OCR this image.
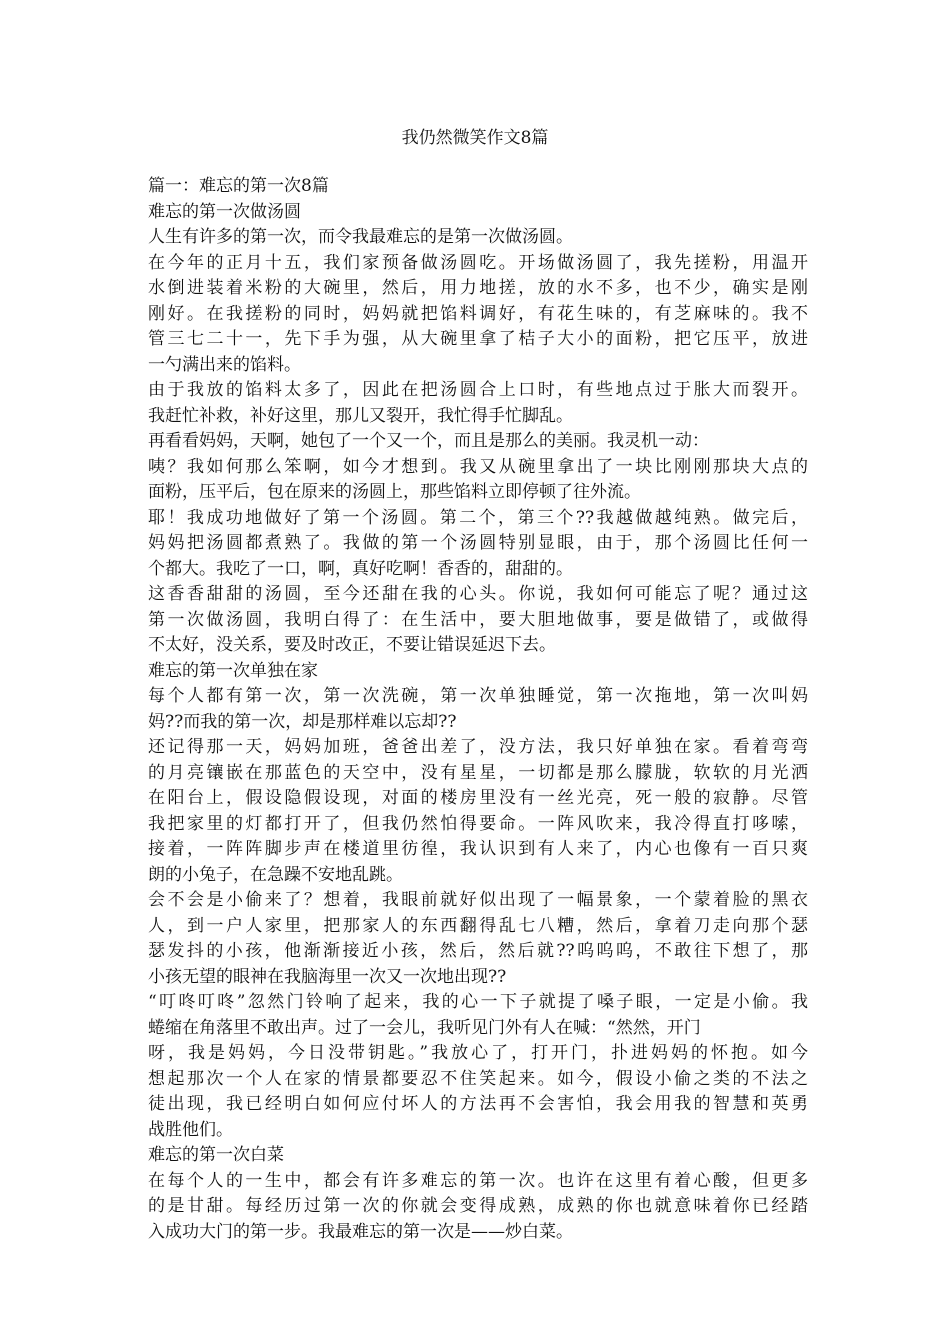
我仍然微笑作文8篇
篇一：难忘的第一次8篇
难忘的第一次做汤圆
人生有许多的第一次，而令我最难忘的是第一次做汤圆。
在今年的正月十五，我们家预备做汤圆吃。开场做汤圆了，我先搓粉，用温开
水倒进装着米粉的大碗里，然后，用力地搓，放的水不多，也不少，确实是刚
刚好。在我搓粉的同时，妈妈就把馅料调好，有花生味的，有芝麻味的。我不
管三七二十一，先下手为强，从大碗里拿了桔子大小的面粉，把它压平，放进
一勺满出来的馅料。
由于我放的馅料太多了，因此在把汤圆合上口时，有些地点过于胀大而裂开。
我赶忙补救，补好这里，那儿又裂开，我忙得手忙脚乱。
再看看妈妈，天啊，她包了一个又一个，而且是那么的美丽。我灵机一动：
咦？我如何那么笨啊，如今才想到。我又从碗里拿出了一块比刚刚那块大点的
面粉，压平后，包在原来的汤圆上，那些馅料立即停顿了往外流。
耶！我成功地做好了第一个汤圆。第二个，第三个??我越做越纯熟。做完后，
妈妈把汤圆都煮熟了。我做的第一个汤圆特别显眼，由于，那个汤圆比任何一
个都大。我吃了一口，啊，真好吃啊！香香的，甜甜的。
这香香甜甜的汤圆，至今还甜在我的心头。你说，我如何可能忘了呢？通过这
第一次做汤圆，我明白得了：在生活中，要大胆地做事，要是做错了，或做得
不太好，没关系，要及时改正，不要让错误延迟下去。
难忘的第一次单独在家
每个人都有第一次，第一次洗碗，第一次单独睡觉，第一次拖地，第一次叫妈
妈??而我的第一次，却是那样难以忘却??
还记得那一天，妈妈加班，爸爸出差了，没方法，我只好单独在家。看着弯弯
的月亮镶嵌在那蓝色的天空中，没有星星，一切都是那么朦胧，软软的月光洒
在阳台上，假设隐假设现，对面的楼房里没有一丝光亮，死一般的寂静。尽管
我把家里的灯都打开了，但我仍然怕得要命。一阵风吹来，我冷得直打哆嗦，
接着，一阵阵脚步声在楼道里彷徨，我认识到有人来了，内心也像有一百只爽
朗的小兔子，在急躁不安地乱跳。
会不会是小偷来了？想着，我眼前就好似出现了一幅景象，一个蒙着脸的黑衣
人，到一户人家里，把那家人的东西翻得乱七八糟，然后，拿着刀走向那个瑟
瑟发抖的小孩，他渐渐接近小孩，然后，然后就??呜呜呜，不敢往下想了，那
小孩无望的眼神在我脑海里一次又一次地出现??
“叮咚叮咚”忽然门铃响了起来，我的心一下子就提了嗓子眼，一定是小偷。我
蜷缩在角落里不敢出声。过了一会儿，我听见门外有人在喊：“然然，开门
呀，我是妈妈，今日没带钥匙。”我放心了，打开门，扑进妈妈的怀抱。如今
想起那次一个人在家的情景都要忍不住笑起来。如今，假设小偷之类的不法之
徒出现，我已经明白如何应付坏人的方法再不会害怕，我会用我的智慧和英勇
战胜他们。
难忘的第一次白菜
在每个人的一生中，都会有许多难忘的第一次。也许在这里有着心酸，但更多
的是甘甜。每经历过第一次的你就会变得成熟，成熟的你也就意味着你已经踏
入成功大门的第一步。我最难忘的第一次是——炒白菜。
